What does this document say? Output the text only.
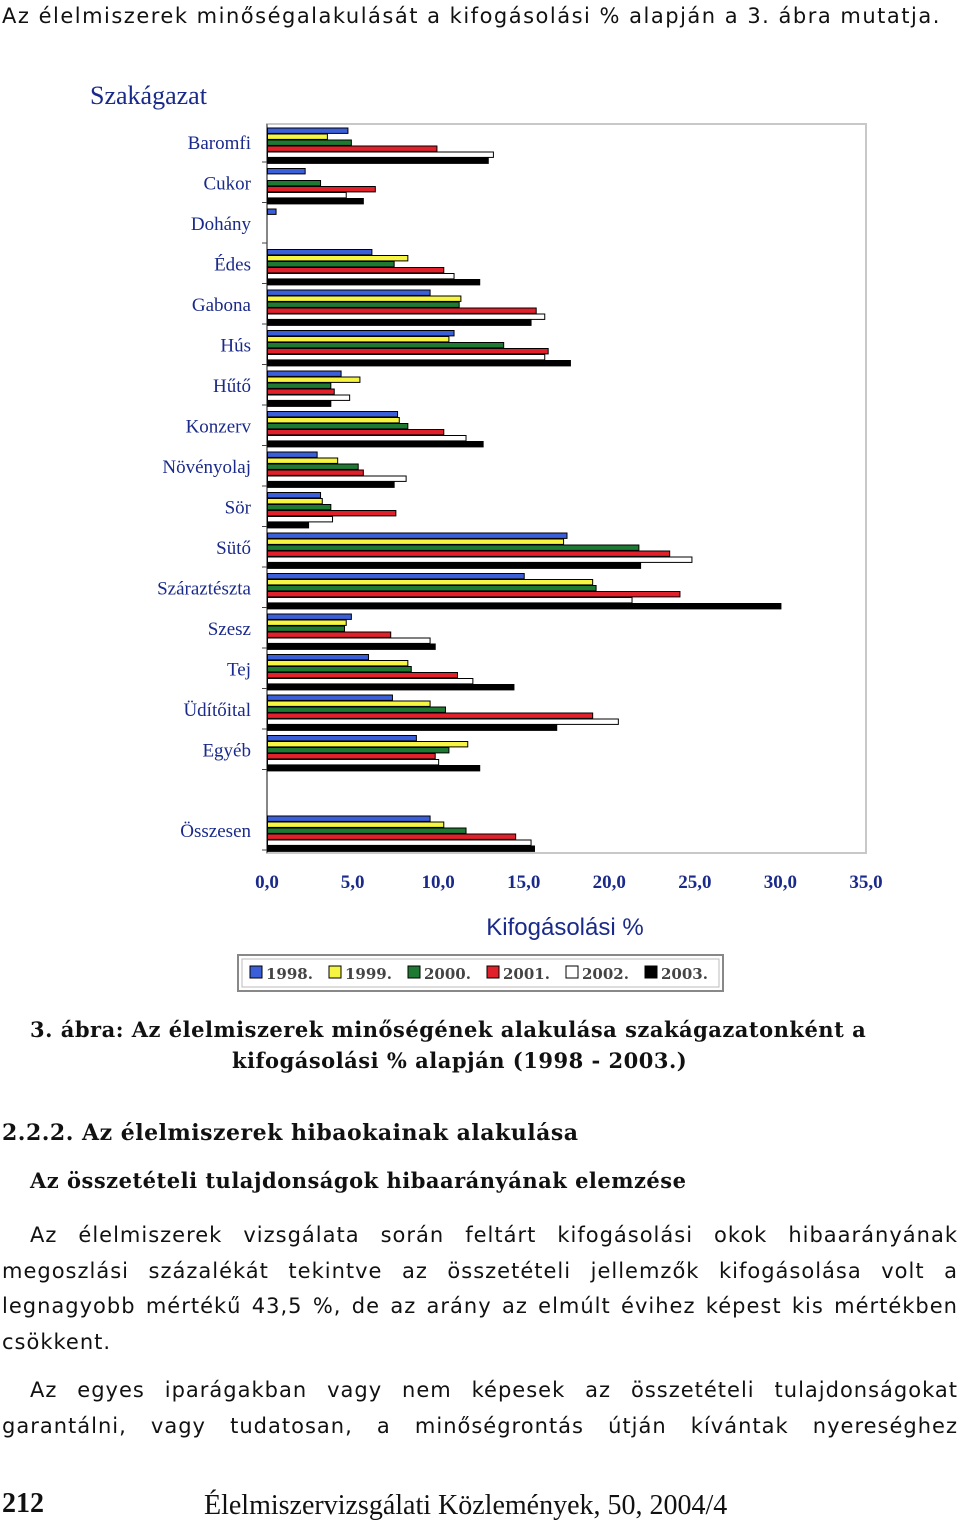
Az élelmiszerek minőségalakulását a kifogásolási % alapján a 3. ábra mutatja.
Szakágazat
Baromfi
Cukor
Dohány
Édes
Gabona
Hús
Hűtő
Konzerv
Növényolaj
Sör
Sütő
Száraztészta
Szesz
Tej
Üdítőital
Egyéb
Összesen
0,0	5,0	10,0	15,0	20,0	25,0	30,0	35,0
Kifogásolási %
1998. 1999. 2000. 2001. 2002. 2003.
3. ábra: Az élelmiszerek minőségének alakulása szakágazatonként a
kifogásolási % alapján (1998 - 2003.)
2.2.2. Az élelmiszerek hibaokainak alakulása
Az összetételi tulajdonságok hibaarányának elemzése
Az élelmiszerek vizsgálata során feltárt kifogásolási okok hibaarányának megoszlási százalékát tekintve az összetételi jellemzők kifogásolása volt a legnagyobb mértékű 43,5 %, de az arány az elmúlt évihez képest kis mértékben csökkent.
Az egyes iparágakban vagy nem képesek az összetételi tulajdonságokat garantálni, vagy tudatosan, a minőségrontás útján kívántak nyereséghez
212	Élelmiszervizsgálati Közlemények, 50, 2004/4
